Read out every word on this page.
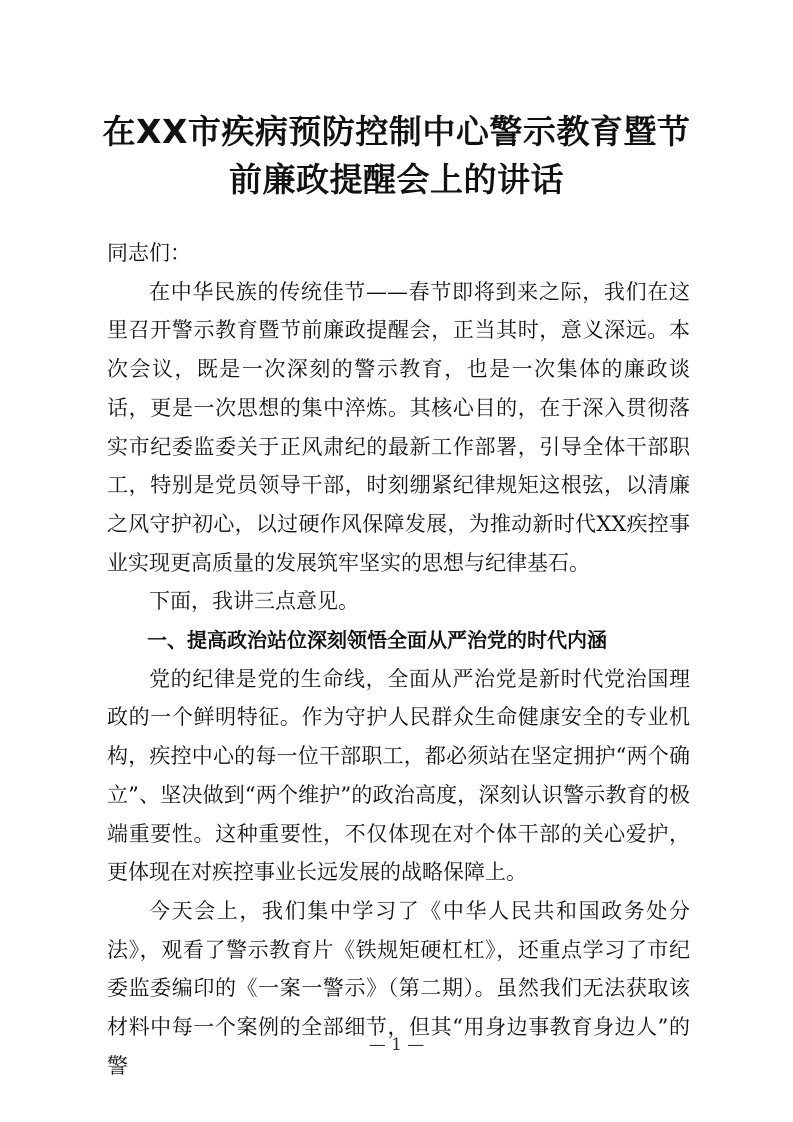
在XX市疾病预防控制中心警示教育暨节
前廉政提醒会上的讲话

同志们：

在中华民族的传统佳节——春节即将到来之际，我们在这里召开警示教育暨节前廉政提醒会，正当其时，意义深远。本次会议，既是一次深刻的警示教育，也是一次集体的廉政谈话，更是一次思想的集中淬炼。其核心目的，在于深入贯彻落实市纪委监委关于正风肃纪的最新工作部署，引导全体干部职工，特别是党员领导干部，时刻绷紧纪律规矩这根弦，以清廉之风守护初心，以过硬作风保障发展，为推动新时代XX疾控事业实现更高质量的发展筑牢坚实的思想与纪律基石。

下面，我讲三点意见。

一、提高政治站位深刻领悟全面从严治党的时代内涵

党的纪律是党的生命线，全面从严治党是新时代党治国理政的一个鲜明特征。作为守护人民群众生命健康安全的专业机构，疾控中心的每一位干部职工，都必须站在坚定拥护“两个确立”、坚决做到“两个维护”的政治高度，深刻认识警示教育的极端重要性。这种重要性，不仅体现在对个体干部的关心爱护，更体现在对疾控事业长远发展的战略保障上。

今天会上，我们集中学习了《中华人民共和国政务处分法》，观看了警示教育片《铁规矩硬杠杠》，还重点学习了市纪委监委编印的《一案一警示》（第二期）。虽然我们无法获取该材料中每一个案例的全部细节，但其“用身边事教育身边人”的警

— 1 —
